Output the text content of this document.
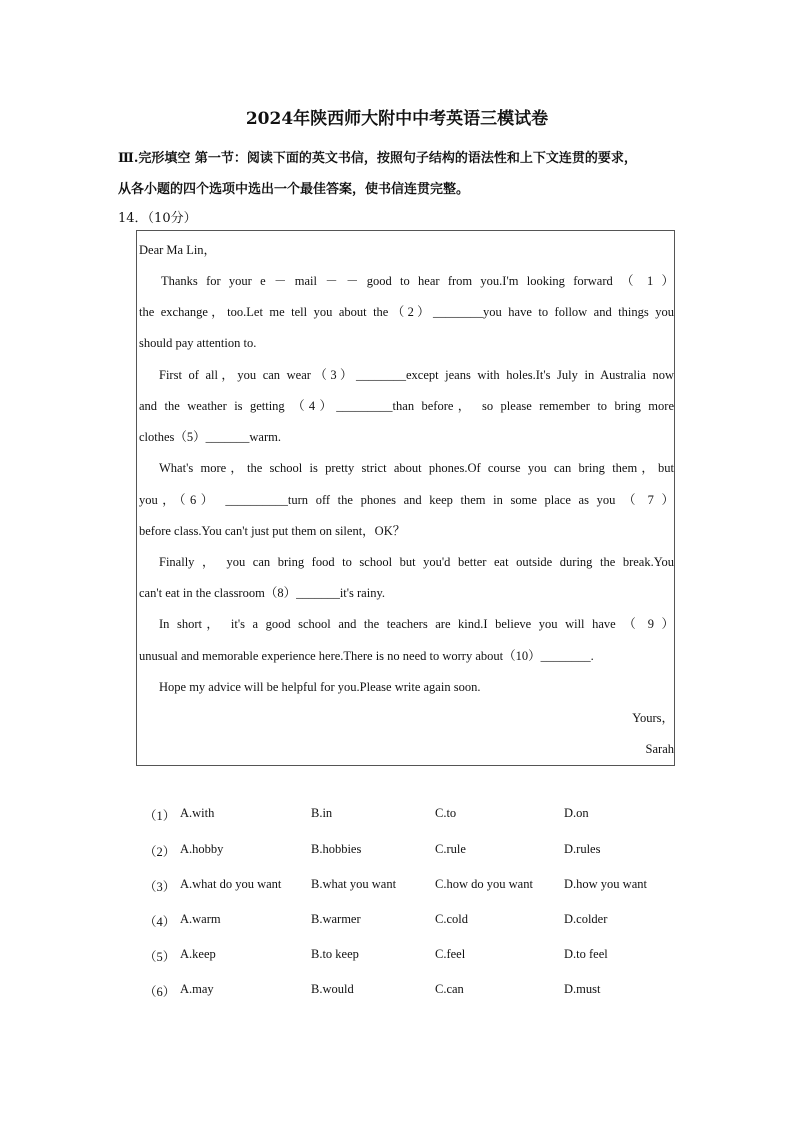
2024年陕西师大附中中考英语三模试卷
Ⅲ.完形填空 第一节：阅读下面的英文书信，按照句子结构的语法性和上下文连贯的要求，
从各小题的四个选项中选出一个最佳答案，使书信连贯完整。
14．（10分）
Dear Ma Lin，
Thanks for your e － mail － － good to hear from you.I'm looking forward （ 1 ）
the exchange，too.Let me tell you about the（2）________you have to follow and things you
should pay attention to.
First of all，you can wear（3）________except jeans with holes.It's July in Australia now
and the weather is getting （4）_________than before， so please remember to bring more
clothes（5）_______warm.
What's more，the school is pretty strict about phones.Of course you can bring them，but
you，（6） __________turn off the phones and keep them in some place as you （ 7 ）
before class.You can't just put them on silent，OK？
Finally ， you can bring food to school but you'd better eat outside during the break.You
can't eat in the classroom（8）_______it's rainy.
In short， it's a good school and the teachers are kind.I believe you will have （ 9 ）
unusual and memorable experience here.There is no need to worry about（10）________.
Hope my advice will be helpful for you.Please write again soon.
Yours，
Sarah
（1） A.with	B.in	C.to	D.on
（2） A.hobby	B.hobbies	C.rule	D.rules
（3） A.what do you want B.what you want	C.how do you want D.how you want
（4） A.warm	B.warmer	C.cold	D.colder
（5） A.keep	B.to keep	C.feel	D.to feel
（6） A.may	B.would	C.can	D.must
